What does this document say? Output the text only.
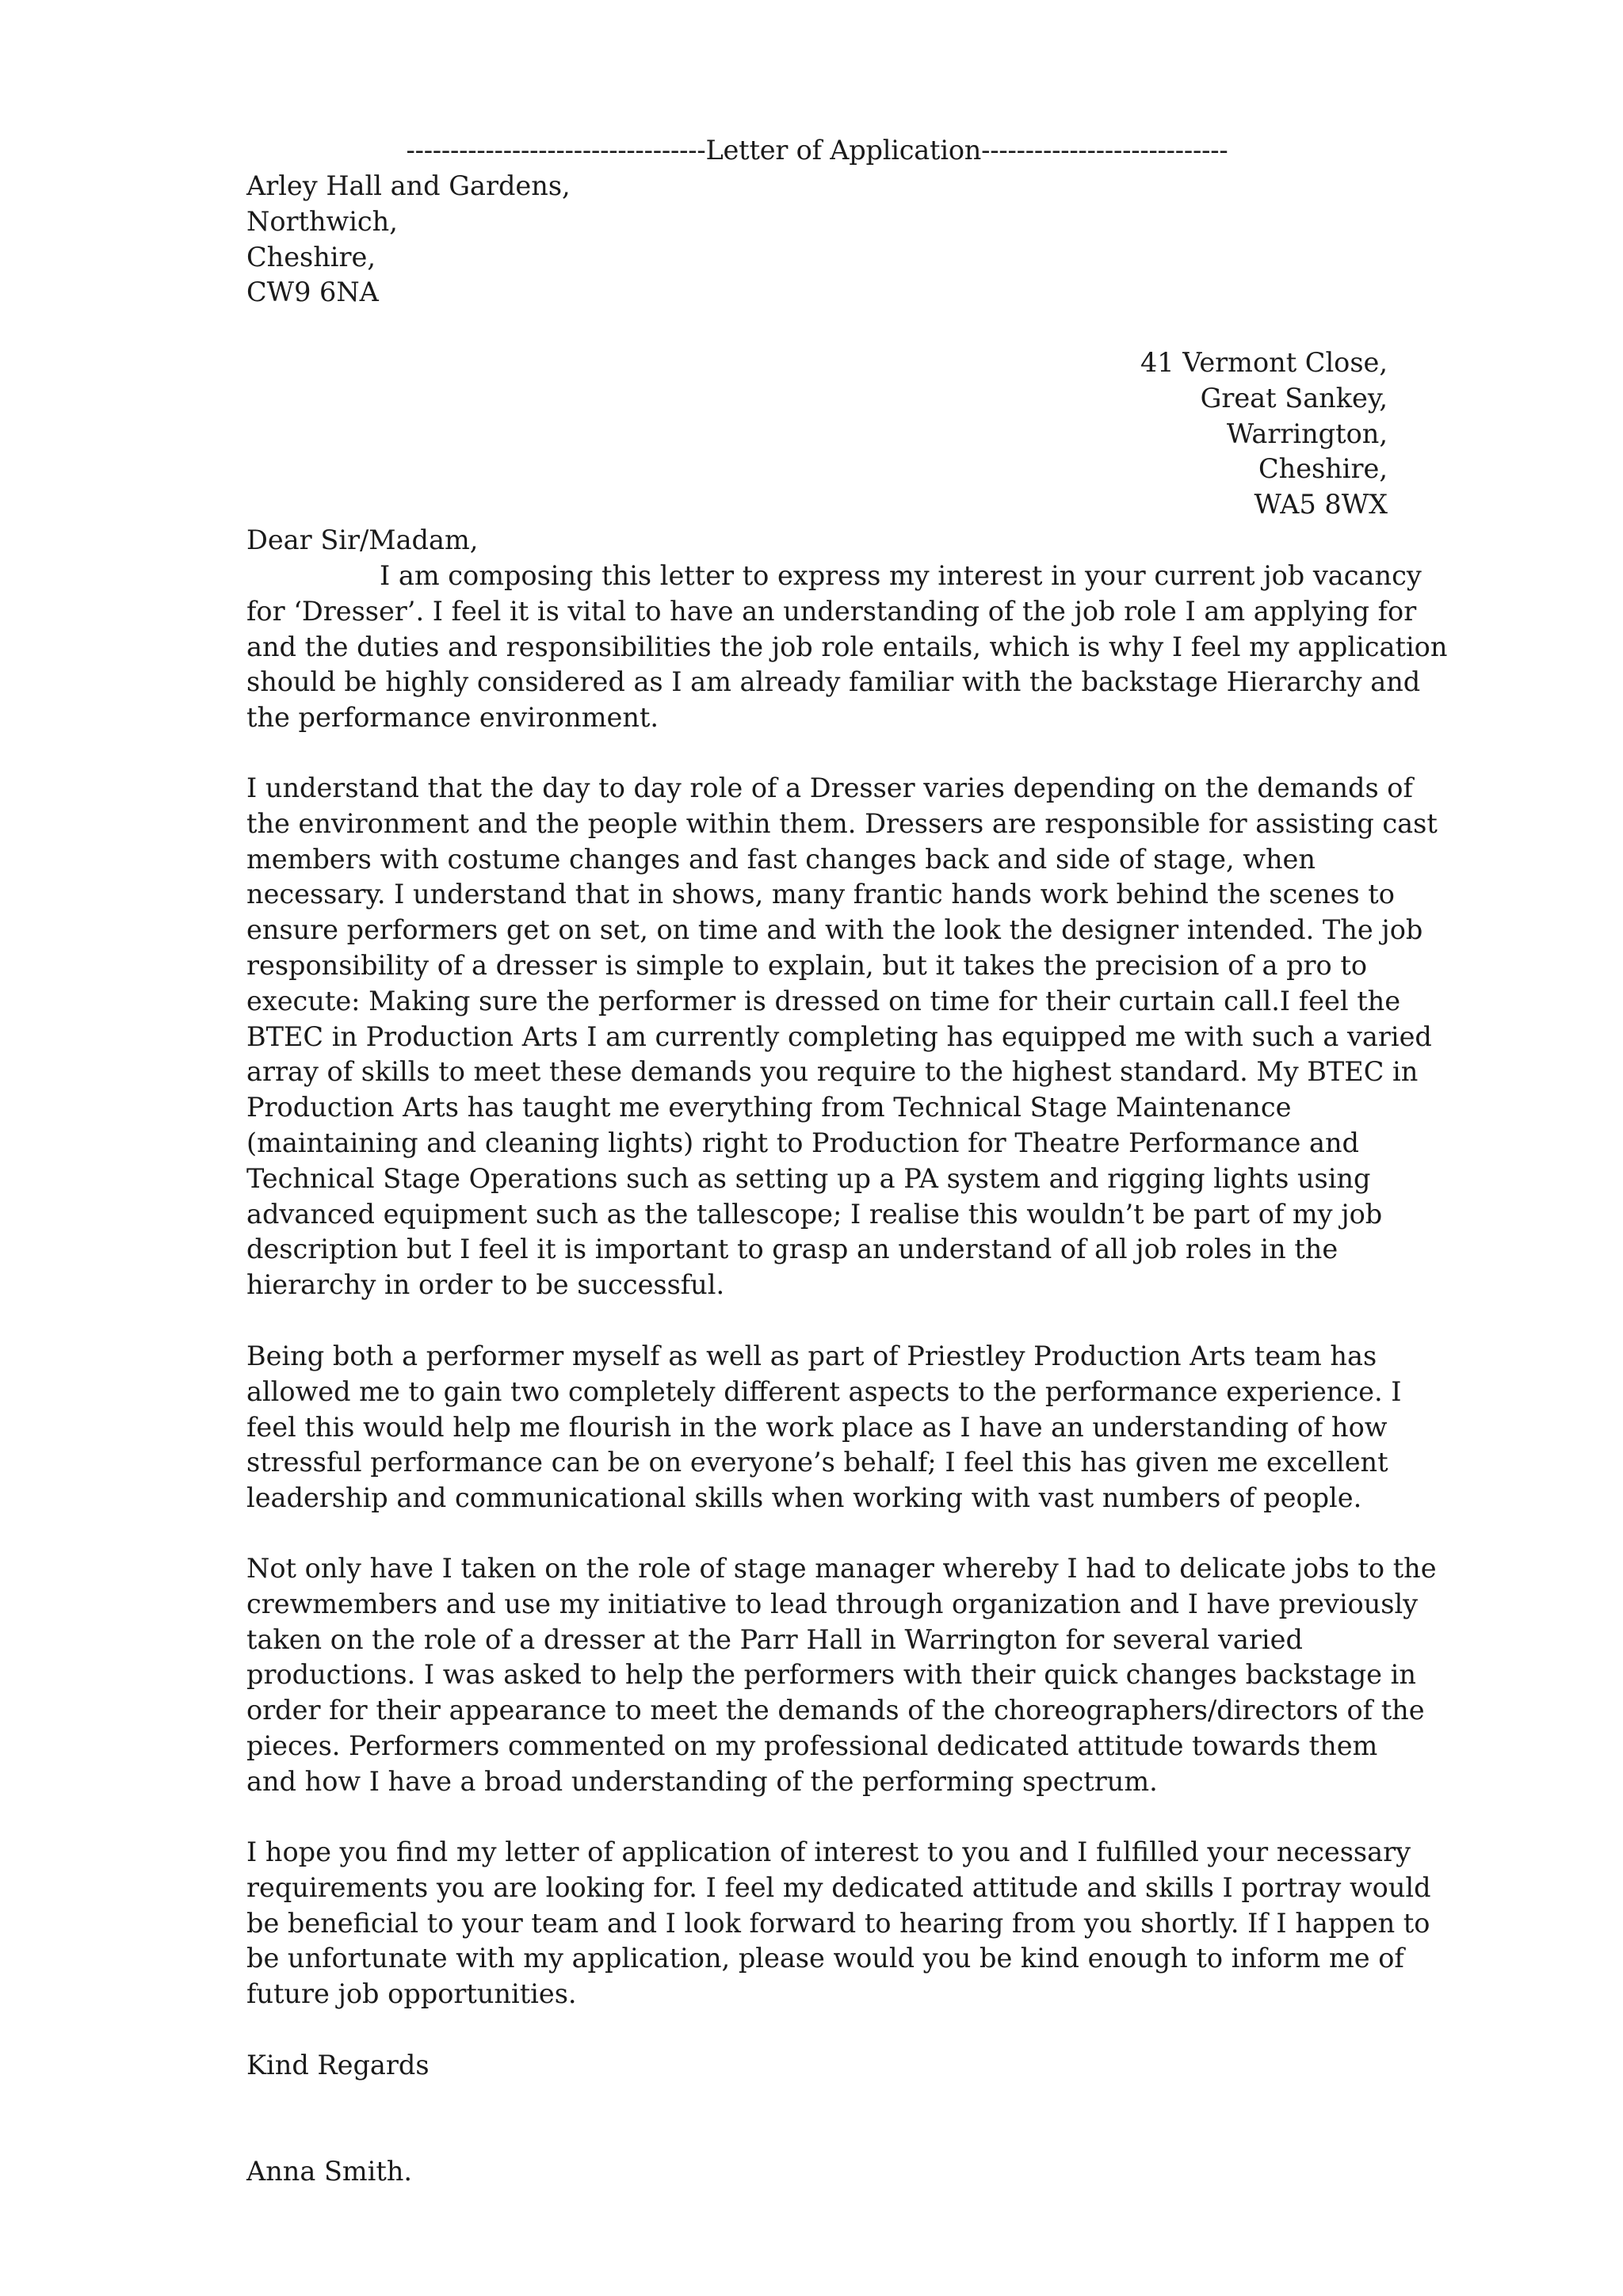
----------------------------------Letter of Application----------------------------

Arley Hall and Gardens,
Northwich,
Cheshire,
CW9 6NA
41 Vermont Close,
Great Sankey,
Warrington,
Cheshire,
WA5 8WX

Dear Sir/Madam,

I am composing this letter to express my interest in your current job vacancy
for ‘Dresser’. I feel it is vital to have an understanding of the job role I am applying for
and the duties and responsibilities the job role entails, which is why I feel my application
should be highly considered as I am already familiar with the backstage Hierarchy and
the performance environment.
I understand that the day to day role of a Dresser varies depending on the demands of
the environment and the people within them. Dressers are responsible for assisting cast
members with costume changes and fast changes back and side of stage, when
necessary. I understand that in shows, many frantic hands work behind the scenes to
ensure performers get on set, on time and with the look the designer intended. The job
responsibility of a dresser is simple to explain, but it takes the precision of a pro to
execute: Making sure the performer is dressed on time for their curtain call.I feel the
BTEC in Production Arts I am currently completing has equipped me with such a varied
array of skills to meet these demands you require to the highest standard. My BTEC in
Production Arts has taught me everything from Technical Stage Maintenance
(maintaining and cleaning lights) right to Production for Theatre Performance and
Technical Stage Operations such as setting up a PA system and rigging lights using
advanced equipment such as the tallescope; I realise this wouldn’t be part of my job
description but I feel it is important to grasp an understand of all job roles in the
hierarchy in order to be successful.
Being both a performer myself as well as part of Priestley Production Arts team has
allowed me to gain two completely different aspects to the performance experience. I
feel this would help me flourish in the work place as I have an understanding of how
stressful performance can be on everyone’s behalf; I feel this has given me excellent
leadership and communicational skills when working with vast numbers of people.
Not only have I taken on the role of stage manager whereby I had to delicate jobs to the
crewmembers and use my initiative to lead through organization and I have previously
taken on the role of a dresser at the Parr Hall in Warrington for several varied
productions. I was asked to help the performers with their quick changes backstage in
order for their appearance to meet the demands of the choreographers/directors of the
pieces. Performers commented on my professional dedicated attitude towards them
and how I have a broad understanding of the performing spectrum.
I hope you find my letter of application of interest to you and I fulfilled your necessary
requirements you are looking for. I feel my dedicated attitude and skills I portray would
be beneficial to your team and I look forward to hearing from you shortly. If I happen to
be unfortunate with my application, please would you be kind enough to inform me of
future job opportunities.

Kind Regards

Anna Smith.
